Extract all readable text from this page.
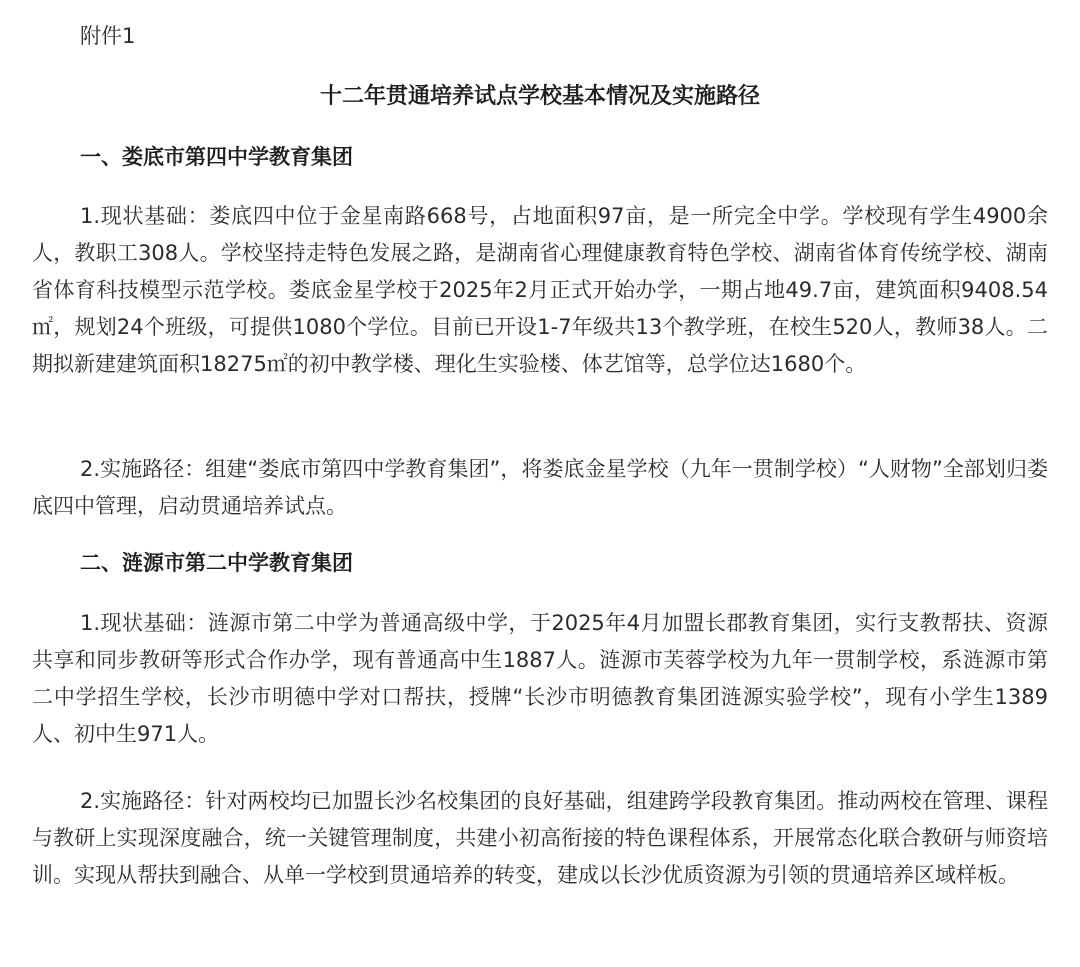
附件1
十二年贯通培养试点学校基本情况及实施路径
一、娄底市第四中学教育集团
1.现状基础：娄底四中位于金星南路668号，占地面积97亩，是一所完全中学。学校现有学生4900余人，教职工308人。学校坚持走特色发展之路，是湖南省心理健康教育特色学校、湖南省体育传统学校、湖南省体育科技模型示范学校。娄底金星学校于2025年2月正式开始办学，一期占地49.7亩，建筑面积9408.54㎡，规划24个班级，可提供1080个学位。目前已开设1-7年级共13个教学班，在校生520人，教师38人。二期拟新建建筑面积18275㎡的初中教学楼、理化生实验楼、体艺馆等，总学位达1680个。
2.实施路径：组建“娄底市第四中学教育集团”，将娄底金星学校（九年一贯制学校）“人财物”全部划归娄底四中管理，启动贯通培养试点。
二、涟源市第二中学教育集团
1.现状基础：涟源市第二中学为普通高级中学，于2025年4月加盟长郡教育集团，实行支教帮扶、资源共享和同步教研等形式合作办学，现有普通高中生1887人。涟源市芙蓉学校为九年一贯制学校，系涟源市第二中学招生学校，长沙市明德中学对口帮扶，授牌“长沙市明德教育集团涟源实验学校”，现有小学生1389人、初中生971人。
2.实施路径：针对两校均已加盟长沙名校集团的良好基础，组建跨学段教育集团。推动两校在管理、课程与教研上实现深度融合，统一关键管理制度，共建小初高衔接的特色课程体系，开展常态化联合教研与师资培训。实现从帮扶到融合、从单一学校到贯通培养的转变，建成以长沙优质资源为引领的贯通培养区域样板。
